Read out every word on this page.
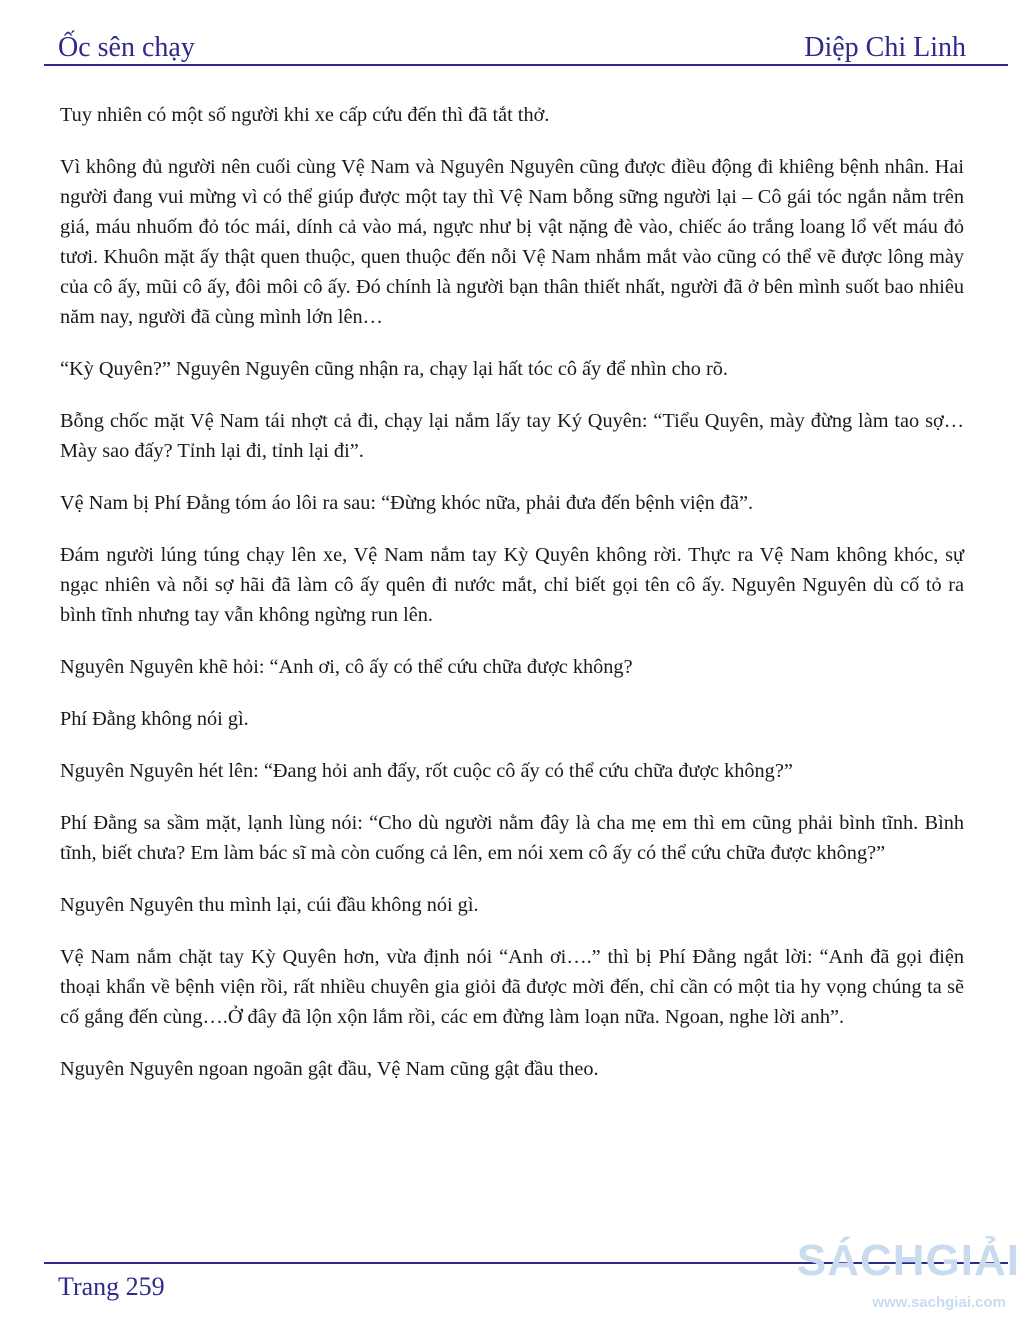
Ốc sên chạy	Diệp Chi Linh

Tuy nhiên có một số người khi xe cấp cứu đến thì đã tắt thở.

Vì không đủ người nên cuối cùng Vệ Nam và Nguyên Nguyên cũng được điều động đi khiêng bệnh nhân. Hai người đang vui mừng vì có thể giúp được một tay thì Vệ Nam bỗng sững người lại – Cô gái tóc ngắn nằm trên giá, máu nhuốm đỏ tóc mái, dính cả vào má, ngực như bị vật nặng đè vào, chiếc áo trắng loang lổ vết máu đỏ tươi. Khuôn mặt ấy thật quen thuộc, quen thuộc đến nỗi Vệ Nam nhắm mắt vào cũng có thể vẽ được lông mày của cô ấy, mũi cô ấy, đôi môi cô ấy. Đó chính là người bạn thân thiết nhất, người đã ở bên mình suốt bao nhiêu năm nay, người đã cùng mình lớn lên…

“Kỳ Quyên?” Nguyên Nguyên cũng nhận ra, chạy lại hất tóc cô ấy để nhìn cho rõ.

Bỗng chốc mặt Vệ Nam tái nhợt cả đi, chạy lại nắm lấy tay Ký Quyên: “Tiểu Quyên, mày đừng làm tao sợ… Mày sao đấy? Tỉnh lại đi, tỉnh lại đi”.

Vệ Nam bị Phí Đằng tóm áo lôi ra sau: “Đừng khóc nữa, phải đưa đến bệnh viện đã”.

Đám người lúng túng chạy lên xe, Vệ Nam nắm tay Kỳ Quyên không rời. Thực ra Vệ Nam không khóc, sự ngạc nhiên và nỗi sợ hãi đã làm cô ấy quên đi nước mắt, chỉ biết gọi tên cô ấy. Nguyên Nguyên dù cố tỏ ra bình tĩnh nhưng tay vẫn không ngừng run lên.

Nguyên Nguyên khẽ hỏi: “Anh ơi, cô ấy có thể cứu chữa được không?

Phí Đằng không nói gì.

Nguyên Nguyên hét lên: “Đang hỏi anh đấy, rốt cuộc cô ấy có thể cứu chữa được không?”

Phí Đằng sa sầm mặt, lạnh lùng nói: “Cho dù người nằm đây là cha mẹ em thì em cũng phải bình tĩnh. Bình tĩnh, biết chưa? Em làm bác sĩ mà còn cuống cả lên, em nói xem cô ấy có thể cứu chữa được không?”

Nguyên Nguyên thu mình lại, cúi đầu không nói gì.

Vệ Nam nắm chặt tay Kỳ Quyên hơn, vừa định nói “Anh ơi….” thì bị Phí Đằng ngắt lời: “Anh đã gọi điện thoại khẩn về bệnh viện rồi, rất nhiều chuyên gia giỏi đã được mời đến, chỉ cần có một tia hy vọng chúng ta sẽ cố gắng đến cùng….Ở đây đã lộn xộn lắm rồi, các em đừng làm loạn nữa. Ngoan, nghe lời anh”.

Nguyên Nguyên ngoan ngoãn gật đầu, Vệ Nam cũng gật đầu theo.

Trang 259
SÁCHGIẢI
www.sachgiai.com
